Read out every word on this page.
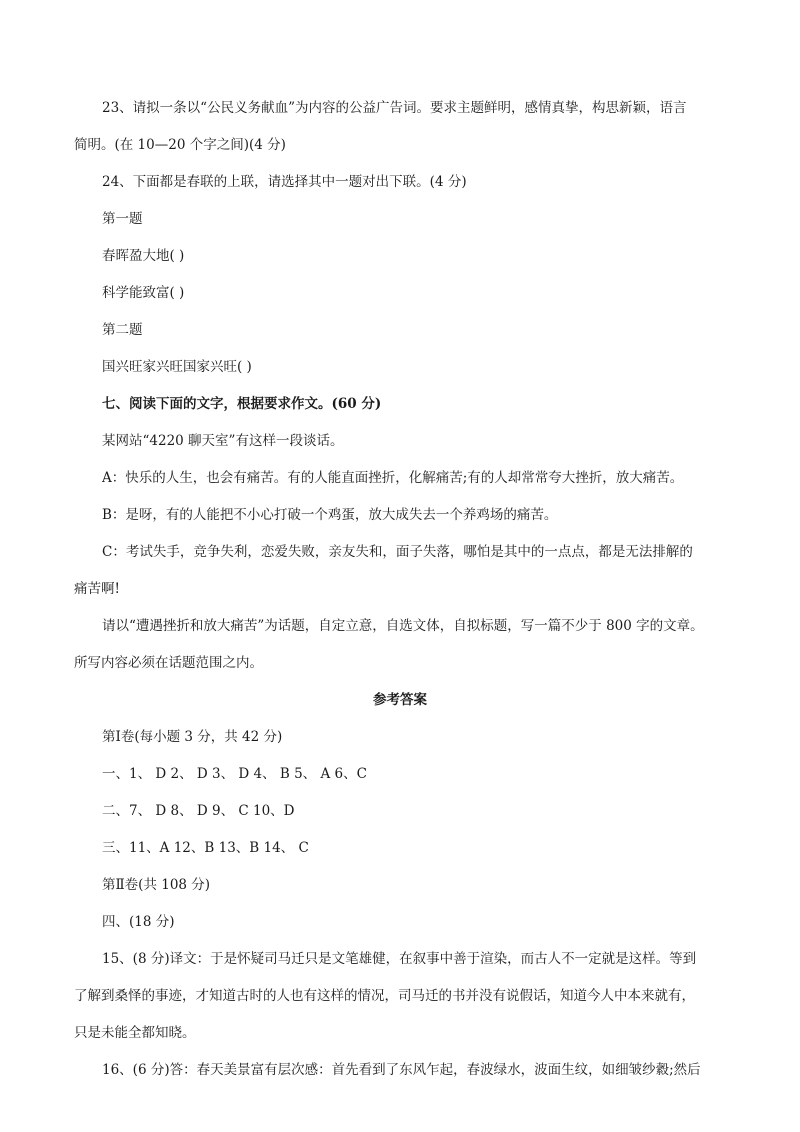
23、请拟一条以“公民义务献血”为内容的公益广告词。要求主题鲜明，感情真挚，构思新颖，语言
简明。(在 10—20 个字之间)(4 分)
24、下面都是春联的上联，请选择其中一题对出下联。(4 分)
第一题
春晖盈大地( )
科学能致富( )
第二题
国兴旺家兴旺国家兴旺( )
七、阅读下面的文字，根据要求作文。(60 分)
某网站“4220 聊天室”有这样一段谈话。
A：快乐的人生，也会有痛苦。有的人能直面挫折，化解痛苦;有的人却常常夸大挫折，放大痛苦。
B：是呀，有的人能把不小心打破一个鸡蛋，放大成失去一个养鸡场的痛苦。
C：考试失手，竞争失利，恋爱失败，亲友失和，面子失落，哪怕是其中的一点点，都是无法排解的
痛苦啊!
请以“遭遇挫折和放大痛苦”为话题，自定立意，自选文体，自拟标题，写一篇不少于 800 字的文章。
所写内容必须在话题范围之内。
参考答案
第Ⅰ卷(每小题 3 分，共 42 分)
一、1、 D 2、 D 3、 D 4、 B 5、 A 6、C
二、7、 D 8、 D 9、 C 10、D
三、11、A 12、B 13、B 14、 C
第Ⅱ卷(共 108 分)
四、(18 分)
15、(8 分)译文：于是怀疑司马迁只是文笔雄健，在叙事中善于渲染，而古人不一定就是这样。等到
了解到桑怿的事迹，才知道古时的人也有这样的情况，司马迁的书并没有说假话，知道今人中本来就有，
只是未能全都知晓。
16、(6 分)答：春天美景富有层次感：首先看到了东风乍起，春波绿水，波面生纹，如细皱纱縠;然后
